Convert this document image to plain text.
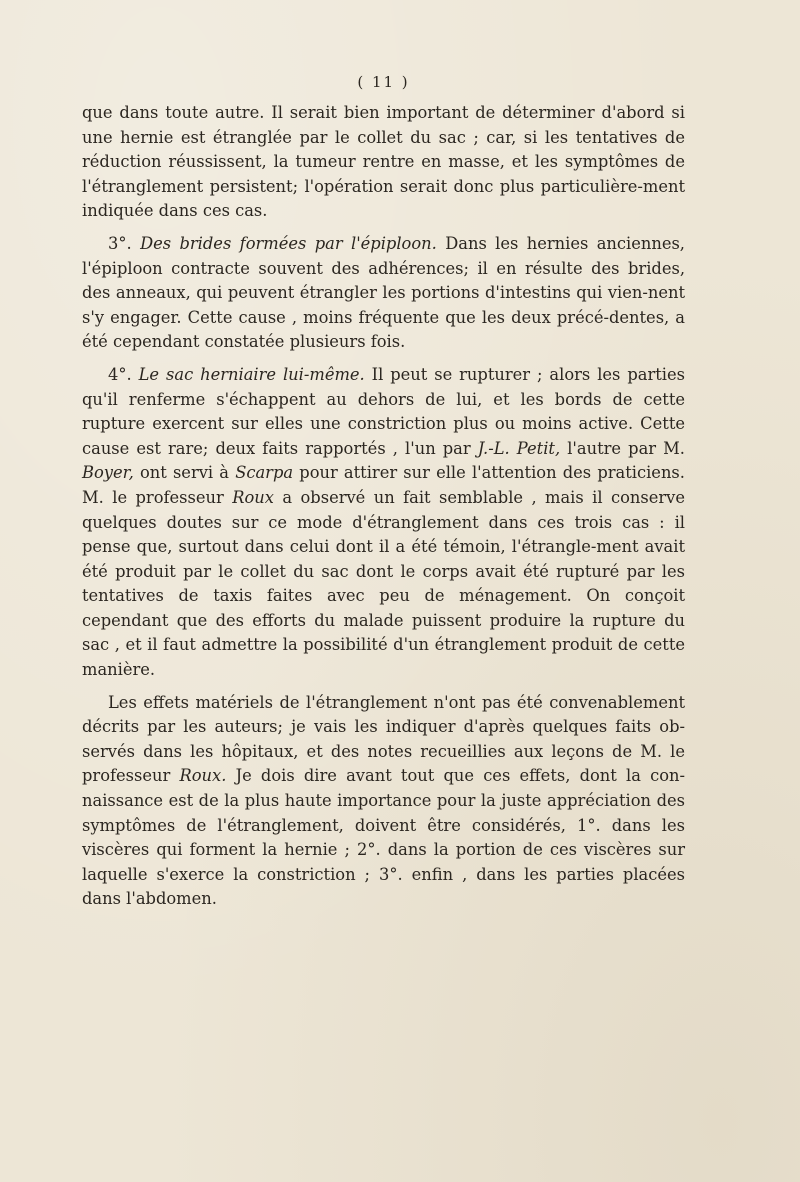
( 11 )

que dans toute autre. Il serait bien important de déterminer d'abord si une hernie est étranglée par le collet du sac ; car, si les tentatives de réduction réussissent, la tumeur rentre en masse, et les symptômes de l'étranglement persistent; l'opération serait donc plus particulière-ment indiquée dans ces cas.

3°. Des brides formées par l'épiploon. Dans les hernies anciennes, l'épiploon contracte souvent des adhérences; il en résulte des brides, des anneaux, qui peuvent étrangler les portions d'intestins qui vien-nent s'y engager. Cette cause , moins fréquente que les deux précé-dentes, a été cependant constatée plusieurs fois.

4°. Le sac herniaire lui-même. Il peut se rupturer ; alors les parties qu'il renferme s'échappent au dehors de lui, et les bords de cette rupture exercent sur elles une constriction plus ou moins active. Cette cause est rare; deux faits rapportés , l'un par J.-L. Petit, l'autre par M. Boyer, ont servi à Scarpa pour attirer sur elle l'attention des praticiens. M. le professeur Roux a observé un fait semblable , mais il conserve quelques doutes sur ce mode d'étranglement dans ces trois cas : il pense que, surtout dans celui dont il a été témoin, l'étrangle-ment avait été produit par le collet du sac dont le corps avait été rupturé par les tentatives de taxis faites avec peu de ménagement. On conçoit cependant que des efforts du malade puissent produire la rupture du sac , et il faut admettre la possibilité d'un étranglement produit de cette manière.

Les effets matériels de l'étranglement n'ont pas été convenablement décrits par les auteurs; je vais les indiquer d'après quelques faits ob-servés dans les hôpitaux, et des notes recueillies aux leçons de M. le professeur Roux. Je dois dire avant tout que ces effets, dont la con-naissance est de la plus haute importance pour la juste appréciation des symptômes de l'étranglement, doivent être considérés, 1°. dans les viscères qui forment la hernie ; 2°. dans la portion de ces viscères sur laquelle s'exerce la constriction ; 3°. enfin , dans les parties placées dans l'abdomen.
